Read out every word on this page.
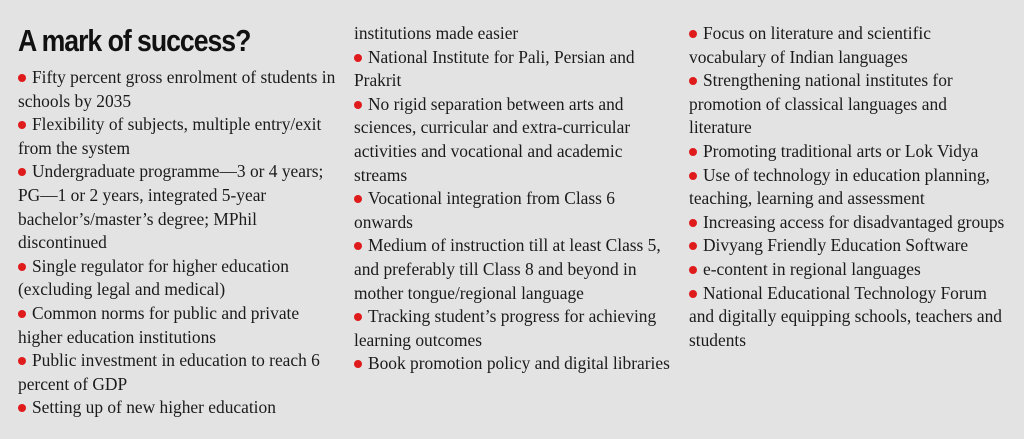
A mark of success?

Fifty percent gross enrolment of students in schools by 2035

Flexibility of subjects, multiple entry/exit from the system

Undergraduate programme—3 or 4 years; PG—1 or 2 years, integrated 5-year bachelor’s/master’s degree; MPhil discontinued

Single regulator for higher education (excluding legal and medical)

Common norms for public and private higher education institutions

Public investment in education to reach 6 percent of GDP

Setting up of new higher education

institutions made easier

National Institute for Pali, Persian and Prakrit

No rigid separation between arts and sciences, curricular and extra-curricular activities and vocational and academic streams

Vocational integration from Class 6 onwards

Medium of instruction till at least Class 5, and preferably till Class 8 and beyond in mother tongue/regional language

Tracking student’s progress for achieving learning outcomes

Book promotion policy and digital libraries

Focus on literature and scientific vocabulary of Indian languages

Strengthening national institutes for promotion of classical languages and literature

Promoting traditional arts or Lok Vidya

Use of technology in education planning, teaching, learning and assessment

Increasing access for disadvantaged groups

Divyang Friendly Education Software

e-content in regional languages

National Educational Technology Forum and digitally equipping schools, teachers and students
